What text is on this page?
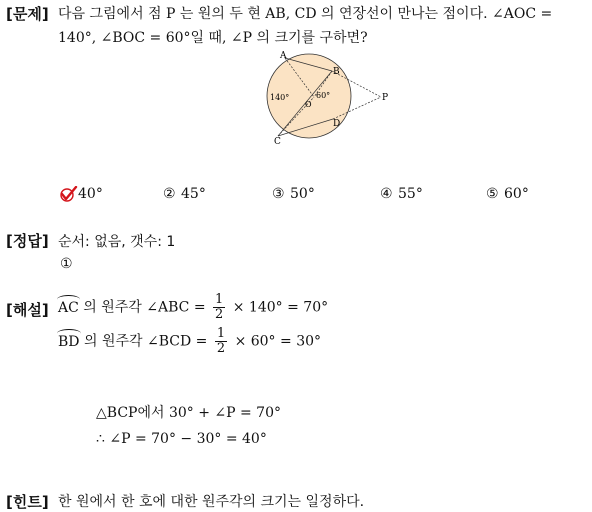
[문제] 다음 그림에서 점 P 는 원의 두 현 AB, CD 의 연장선이 만나는 점이다. ∠AOC =
140°, ∠BOC = 60°일 때, ∠P 의 크기를 구하면?
A
B
C
D
O
P
140°	60°
40°	② 45°	③ 50°	④ 55°	⑤ 60°
[정답] 순서: 없음, 갯수: 1
①
[해설] AC 의 원주각 ∠ABC = $\frac{1}{2} \times 140^\circ = 70^\circ$
BD 의 원주각 ∠BCD = $\frac{1}{2} \times 60^\circ = 30^\circ$
△BCP에서 30° + ∠P = 70°
∴ ∠P = 70° − 30° = 40°
[힌트] 한 원에서 한 호에 대한 원주각의 크기는 일정하다.
